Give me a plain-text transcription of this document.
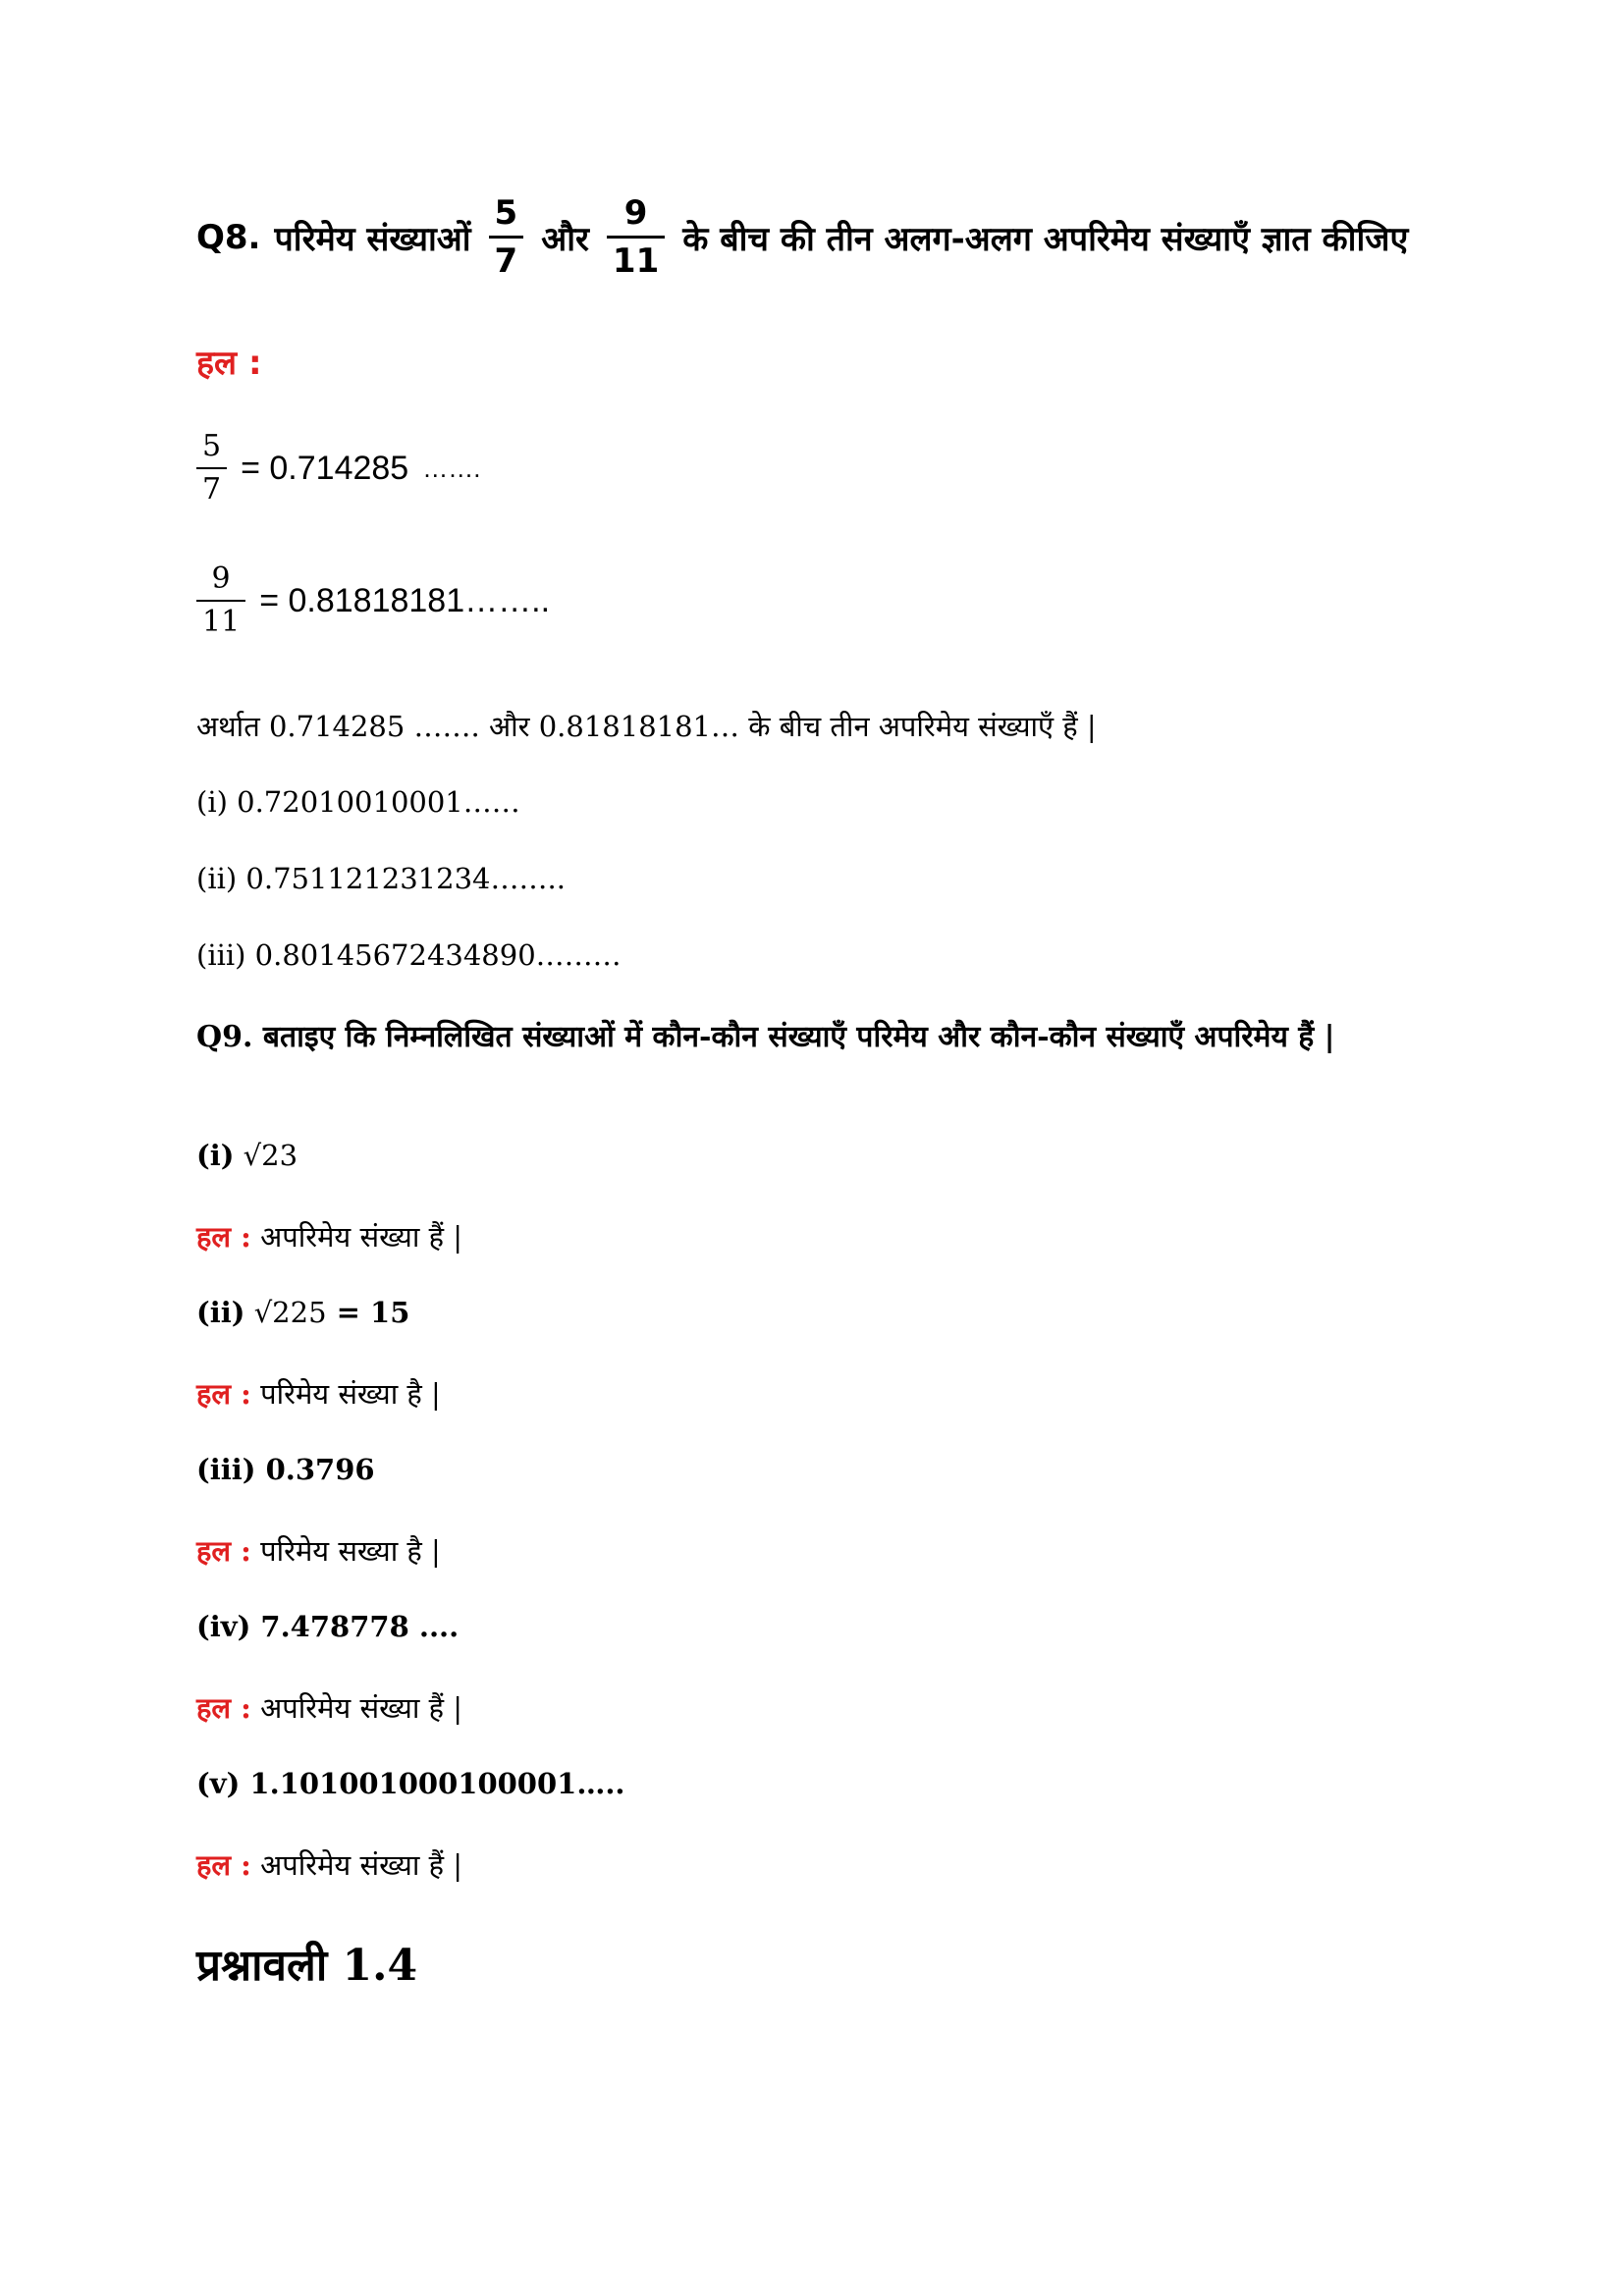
Q8. परिमेय संख्याओं $\frac{5}{7}$ और $\frac{9}{11}$ के बीच की तीन अलग-अलग अपरिमेय संख्याएँ ज्ञात कीजिए
हल :
$\frac{5}{7} = 0.714285$ …….
$\frac{9}{11}$ = 0.81818181……..
अर्थात 0.714285 ……. और 0.81818181… के बीच तीन अपरिमेय संख्याएँ हैं |
(i) 0.72010010001……
(ii) 0.751121231234……..
(iii) 0.80145672434890………
Q9. बताइए कि निम्नलिखित संख्याओं में कौन-कौन संख्याएँ परिमेय और कौन-कौन संख्याएँ अपरिमेय हैं |
(i) √23
हल : अपरिमेय संख्या हैं |
(ii) √225 = 15
हल : परिमेय संख्या है |
(iii) 0.3796
हल : परिमेय सख्या है |
(iv) 7.478778 ....
हल : अपरिमेय संख्या हैं |
(v) 1.101001000100001…..
हल : अपरिमेय संख्या हैं |
प्रश्नावली 1.4
